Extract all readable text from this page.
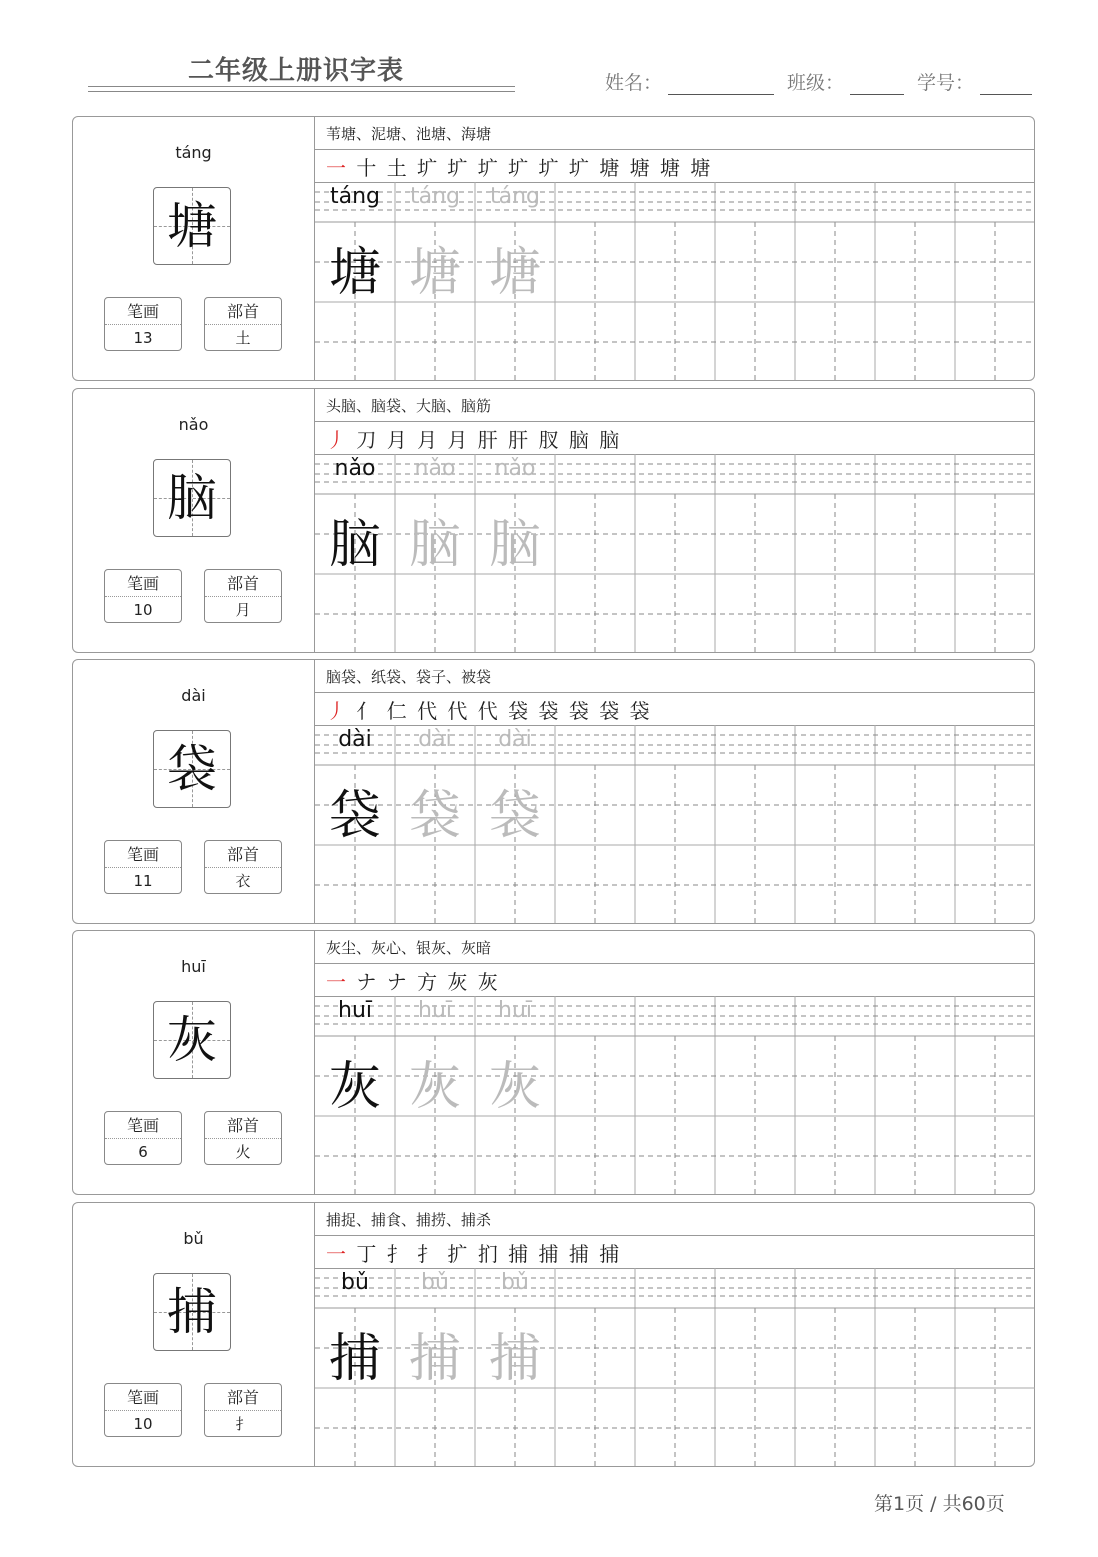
二年级上册识字表	姓名：	班级：	学号：
táng
塘
笔画
13
部首
土
苇塘、泥塘、池塘、海塘
一 十 土 圹 圹 圹 圹 圹 圹 塘 塘 塘 塘
táng	táng	táng
塘 塘 塘
nǎo
脑
笔画
10
部首
月
头脑、脑袋、大脑、脑筋
丿 刀 月 月 月 肝 肝 肞 脑 脑
nǎo	nǎo	nǎo
脑 脑 脑
dài
袋
笔画
11
部首
衣
脑袋、纸袋、袋子、被袋
丿 亻 仁 代 代 代 袋 袋 袋 袋 袋
dài	dài	dài
袋 袋 袋
huī
灰
笔画
6
部首
火
灰尘、灰心、银灰、灰暗
一 ナ ナ 方 灰 灰
huī	huī	huī
灰 灰 灰
bǔ
捕
笔画
10
部首
扌
捕捉、捕食、捕捞、捕杀
一 丁 扌 扌 扩 扪 捕 捕 捕 捕
bǔ	bǔ	bǔ
捕 捕 捕
第1页 / 共60页
